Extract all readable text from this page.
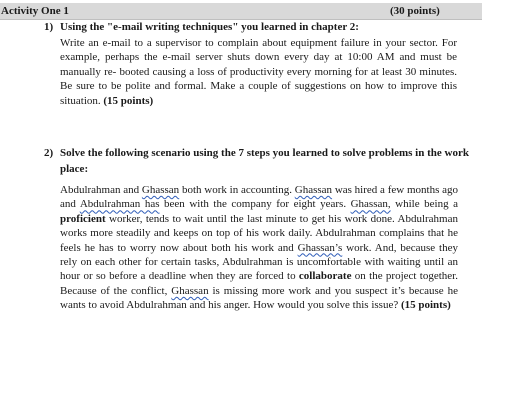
Activity One 1	(30 points)
1) Using the "e-mail writing techniques" you learned in chapter 2:
Write an e-mail to a supervisor to complain about equipment failure in your sector. For example, perhaps the e-mail server shuts down every day at 10:00 AM and must be manually re- booted causing a loss of productivity every morning for at least 30 minutes. Be sure to be polite and formal. Make a couple of suggestions on how to improve this situation. (15 points)
2) Solve the following scenario using the 7 steps you learned to solve problems in the work place:
Abdulrahman and Ghassan both work in accounting. Ghassan was hired a few months ago and Abdulrahman has been with the company for eight years. Ghassan, while being a proficient worker, tends to wait until the last minute to get his work done. Abdulrahman works more steadily and keeps on top of his work daily. Abdulrahman complains that he feels he has to worry now about both his work and Ghassan’s work. And, because they rely on each other for certain tasks, Abdulrahman is uncomfortable with waiting until an hour or so before a deadline when they are forced to collaborate on the project together. Because of the conflict, Ghassan is missing more work and you suspect it’s because he wants to avoid Abdulrahman and his anger. How would you solve this issue? (15 points)
